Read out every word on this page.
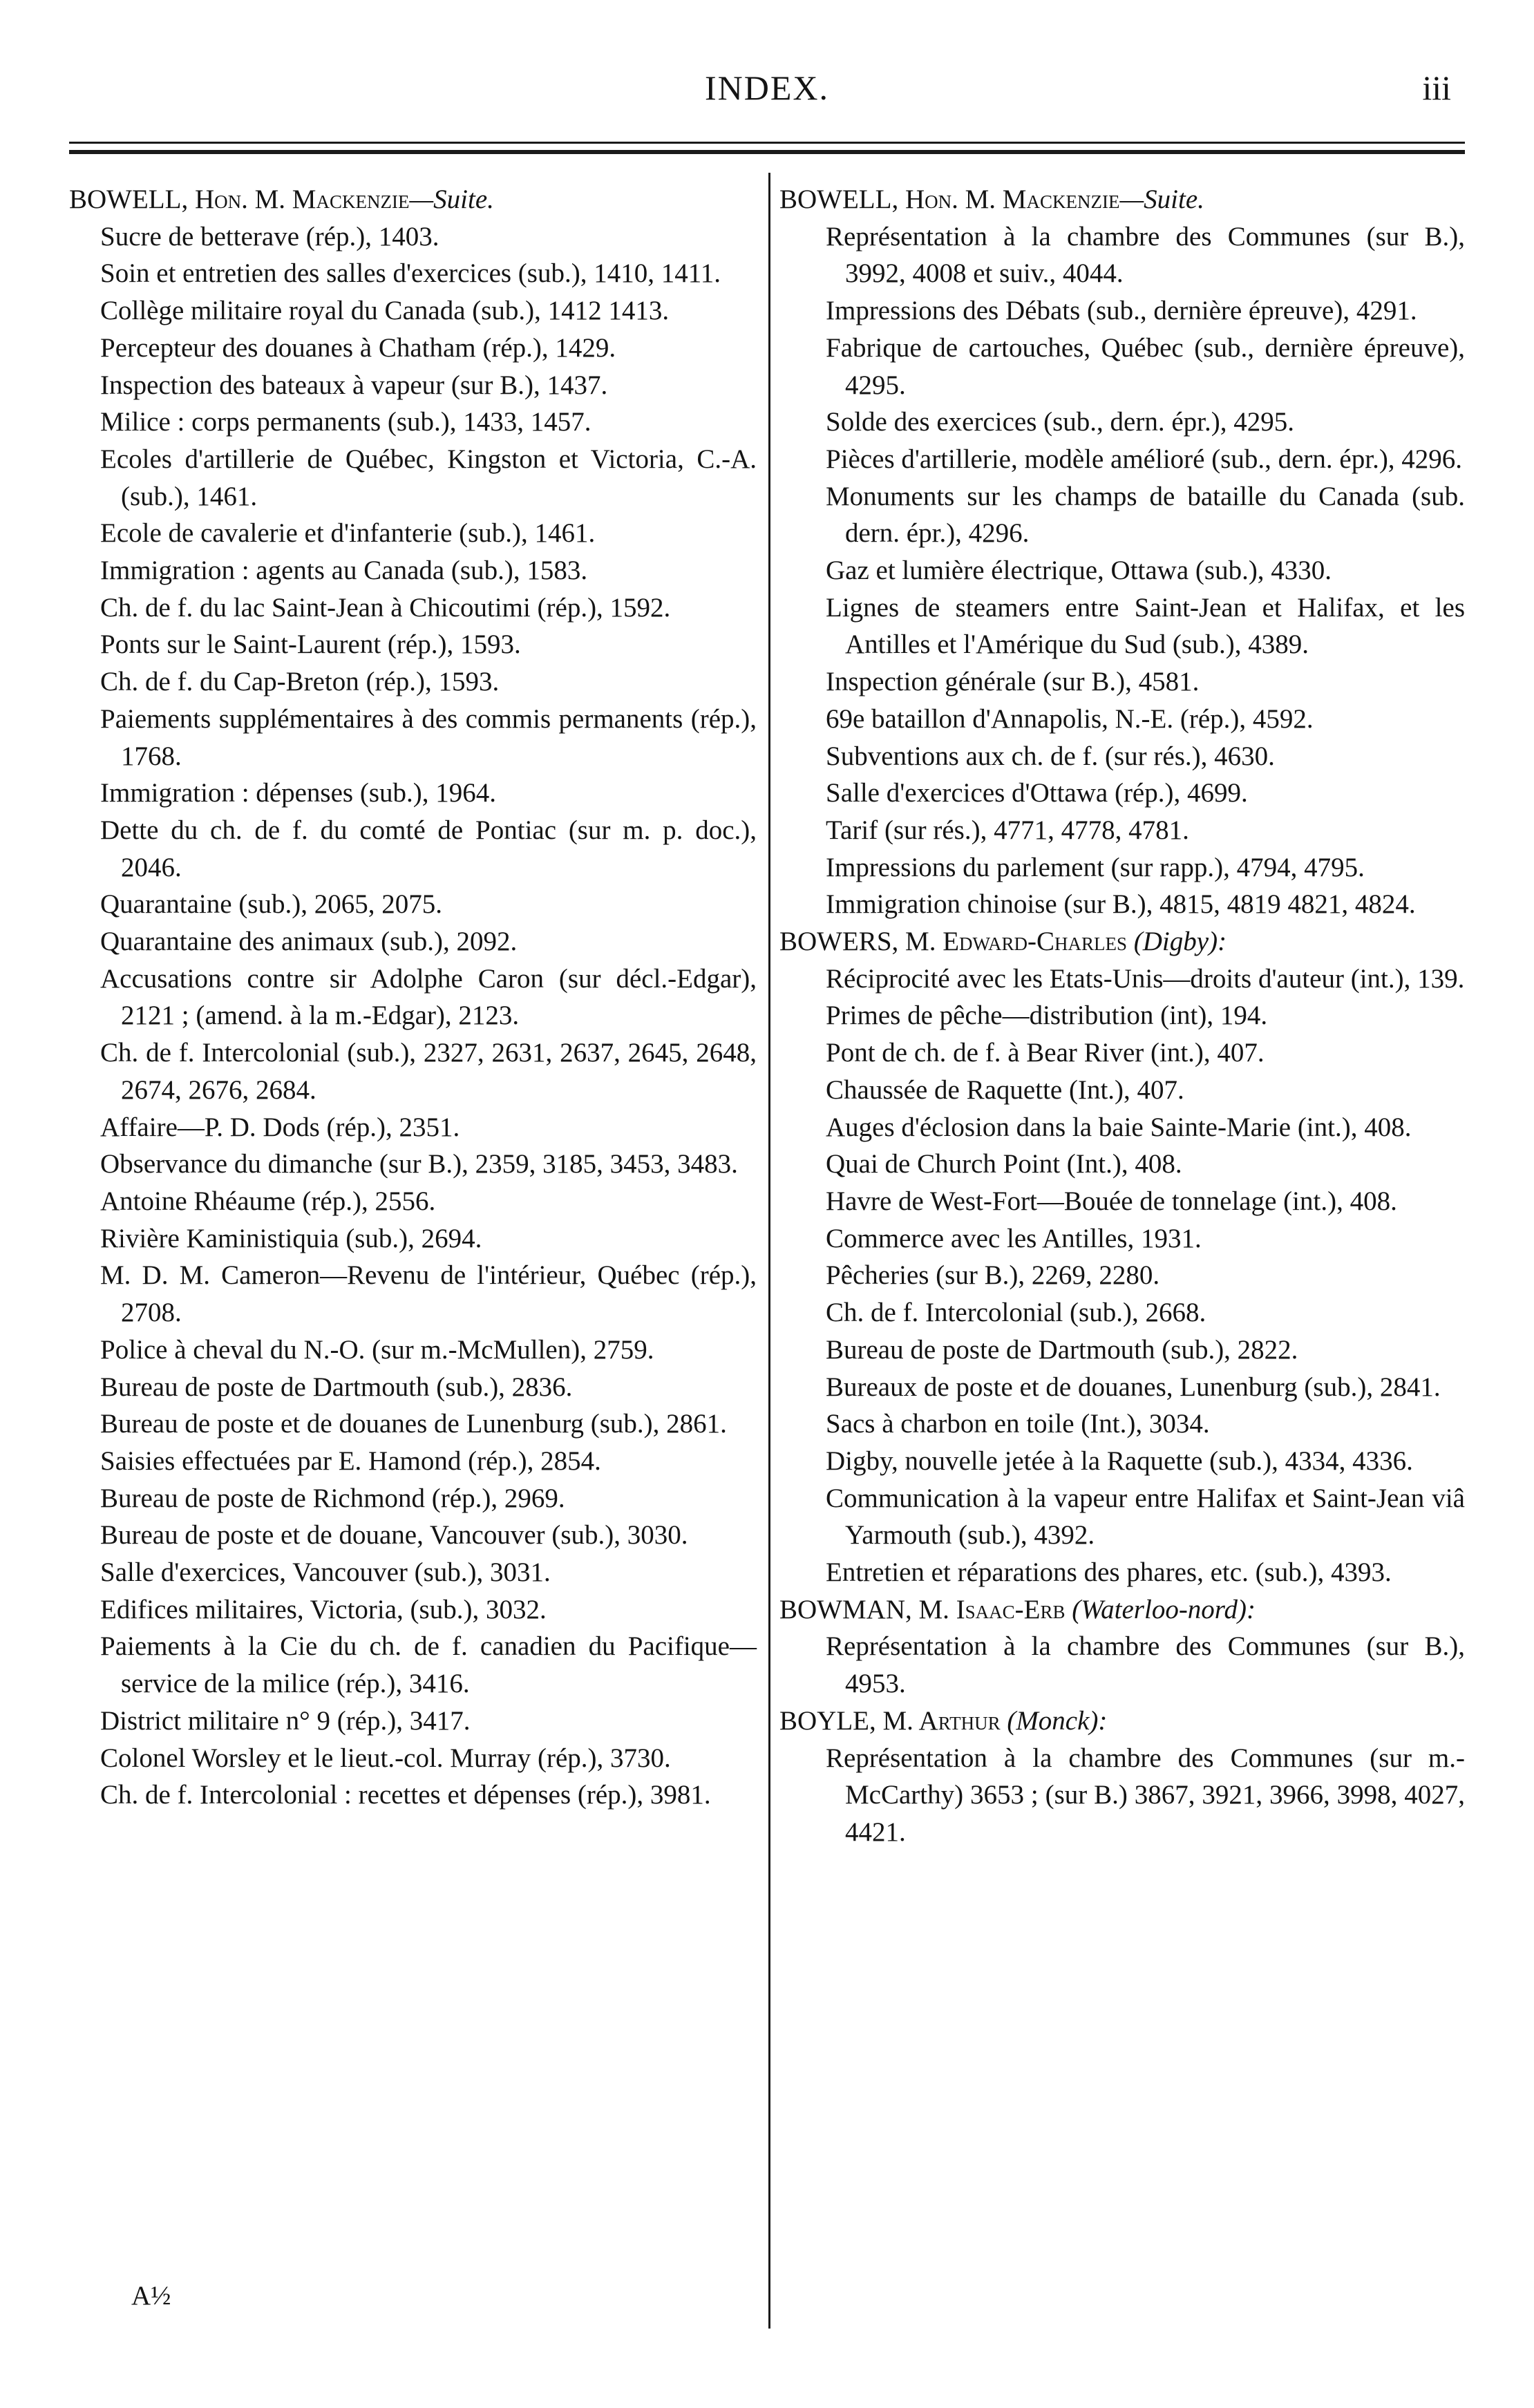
INDEX.	iii
BOWELL, Hon. M. Mackenzie—Suite.
Sucre de betterave (rép.), 1403.
Soin et entretien des salles d'exercices (sub.), 1410, 1411.
Collège militaire royal du Canada (sub.), 1412 1413.
Percepteur des douanes à Chatham (rép.), 1429.
Inspection des bateaux à vapeur (sur B.), 1437.
Milice : corps permanents (sub.), 1433, 1457.
Ecoles d'artillerie de Québec, Kingston et Victoria, C.-A. (sub.), 1461.
Ecole de cavalerie et d'infanterie (sub.), 1461.
Immigration : agents au Canada (sub.), 1583.
Ch. de f. du lac Saint-Jean à Chicoutimi (rép.), 1592.
Ponts sur le Saint-Laurent (rép.), 1593.
Ch. de f. du Cap-Breton (rép.), 1593.
Paiements supplémentaires à des commis permanents (rép.), 1768.
Immigration : dépenses (sub.), 1964.
Dette du ch. de f. du comté de Pontiac (sur m. p. doc.), 2046.
Quarantaine (sub.), 2065, 2075.
Quarantaine des animaux (sub.), 2092.
Accusations contre sir Adolphe Caron (sur décl.-Edgar), 2121 ; (amend. à la m.-Edgar), 2123.
Ch. de f. Intercolonial (sub.), 2327, 2631, 2637, 2645, 2648, 2674, 2676, 2684.
Affaire—P. D. Dods (rép.), 2351.
Observance du dimanche (sur B.), 2359, 3185, 3453, 3483.
Antoine Rhéaume (rép.), 2556.
Rivière Kaministiquia (sub.), 2694.
M. D. M. Cameron—Revenu de l'intérieur, Québec (rép.), 2708.
Police à cheval du N.-O. (sur m.-McMullen), 2759.
Bureau de poste de Dartmouth (sub.), 2836.
Bureau de poste et de douanes de Lunenburg (sub.), 2861.
Saisies effectuées par E. Hamond (rép.), 2854.
Bureau de poste de Richmond (rép.), 2969.
Bureau de poste et de douane, Vancouver (sub.), 3030.
Salle d'exercices, Vancouver (sub.), 3031.
Edifices militaires, Victoria, (sub.), 3032.
Paiements à la Cie du ch. de f. canadien du Pacifique—service de la milice (rép.), 3416.
District militaire n° 9 (rép.), 3417.
Colonel Worsley et le lieut.-col. Murray (rép.), 3730.
Ch. de f. Intercolonial : recettes et dépenses (rép.), 3981.
BOWELL, Hon. M. Mackenzie—Suite.
Représentation à la chambre des Communes (sur B.), 3992, 4008 et suiv., 4044.
Impressions des Débats (sub., dernière épreuve), 4291.
Fabrique de cartouches, Québec (sub., dernière épreuve), 4295.
Solde des exercices (sub., dern. épr.), 4295.
Pièces d'artillerie, modèle amélioré (sub., dern. épr.), 4296.
Monuments sur les champs de bataille du Canada (sub. dern. épr.), 4296.
Gaz et lumière électrique, Ottawa (sub.), 4330.
Lignes de steamers entre Saint-Jean et Halifax, et les Antilles et l'Amérique du Sud (sub.), 4389.
Inspection générale (sur B.), 4581.
69e bataillon d'Annapolis, N.-E. (rép.), 4592.
Subventions aux ch. de f. (sur rés.), 4630.
Salle d'exercices d'Ottawa (rép.), 4699.
Tarif (sur rés.), 4771, 4778, 4781.
Impressions du parlement (sur rapp.), 4794, 4795.
Immigration chinoise (sur B.), 4815, 4819 4821, 4824.
BOWERS, M. Edward-Charles (Digby):
Réciprocité avec les Etats-Unis—droits d'auteur (int.), 139.
Primes de pêche—distribution (int), 194.
Pont de ch. de f. à Bear River (int.), 407.
Chaussée de Raquette (Int.), 407.
Auges d'éclosion dans la baie Sainte-Marie (int.), 408.
Quai de Church Point (Int.), 408.
Havre de West-Fort—Bouée de tonnelage (int.), 408.
Commerce avec les Antilles, 1931.
Pêcheries (sur B.), 2269, 2280.
Ch. de f. Intercolonial (sub.), 2668.
Bureau de poste de Dartmouth (sub.), 2822.
Bureaux de poste et de douanes, Lunenburg (sub.), 2841.
Sacs à charbon en toile (Int.), 3034.
Digby, nouvelle jetée à la Raquette (sub.), 4334, 4336.
Communication à la vapeur entre Halifax et Saint-Jean viâ Yarmouth (sub.), 4392.
Entretien et réparations des phares, etc. (sub.), 4393.
BOWMAN, M. Isaac-Erb (Waterloo-nord):
Représentation à la chambre des Communes (sur B.), 4953.
BOYLE, M. Arthur (Monck):
Représentation à la chambre des Communes (sur m.-McCarthy) 3653 ; (sur B.) 3867, 3921, 3966, 3998, 4027, 4421.
A½
